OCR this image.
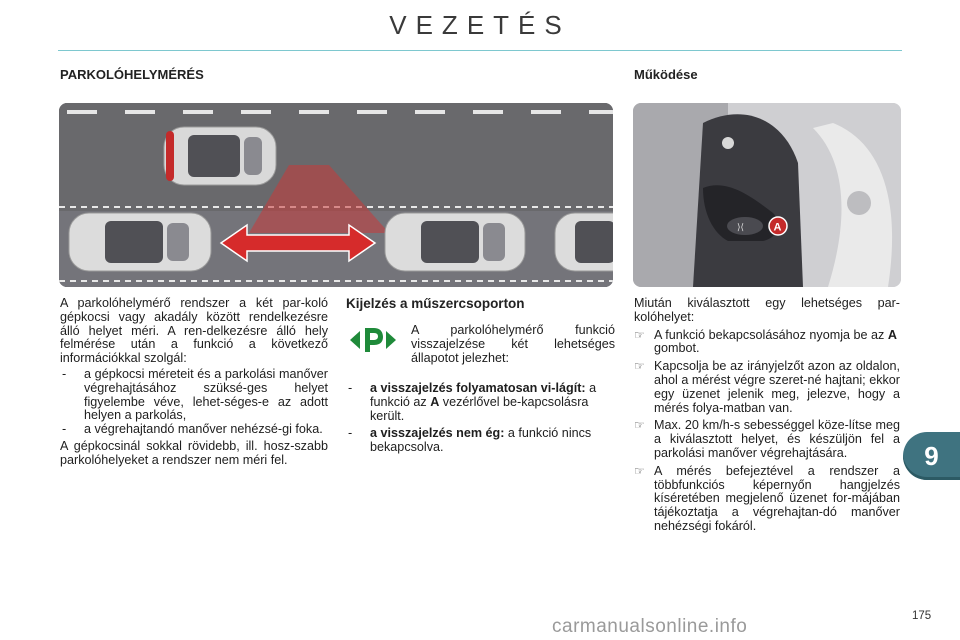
VEZETÉS
PARKOLÓHELYMÉRÉS	Működése
⟩⟨	A

A parkolóhelymérő rendszer a két par-koló gépkocsi vagy akadály között rendelkezésre álló helyet méri. A ren-delkezésre álló hely felmérése után a funkció a következő információkkal szolgál:

-	a gépkocsi méreteit és a parkolási manőver végrehajtásához szüksé-ges helyet figyelembe véve, lehet-séges-e az adott helyen a parkolás,
-	a végrehajtandó manőver nehézsé-gi foka.

A gépkocsinál sokkal rövidebb, ill. hosz-szabb parkolóhelyeket a rendszer nem méri fel.

Kijelzés a műszercsoporton
A parkolóhelymérő funkció visszajelzése két lehetséges állapotot jelezhet:
-	a visszajelzés folyamatosan vi-lágít: a funkció az A vezérlővel be-kapcsolásra került.
-	a visszajelzés nem ég: a funkció nincs bekapcsolva.

Miután kiválasztott egy lehetséges par-kolóhelyet:

☞ A funkció bekapcsolásához nyomja be az A gombot.
☞ Kapcsolja be az irányjelzőt azon az oldalon, ahol a mérést végre szeret-né hajtani; ekkor egy üzenet jelenik meg, jelezve, hogy a mérés folya-matban van.
☞ Max. 20 km/h-s sebességgel köze-lítse meg a kiválasztott helyet, és készüljön fel a parkolási manőver végrehajtására.
☞ A mérés befejeztével a rendszer a többfunkciós képernyőn hangjelzés kíséretében megjelenő üzenet for-májában tájékoztatja a végrehajtan-dó manőver nehézségi fokáról.
9
175
carmanualsonline.info
